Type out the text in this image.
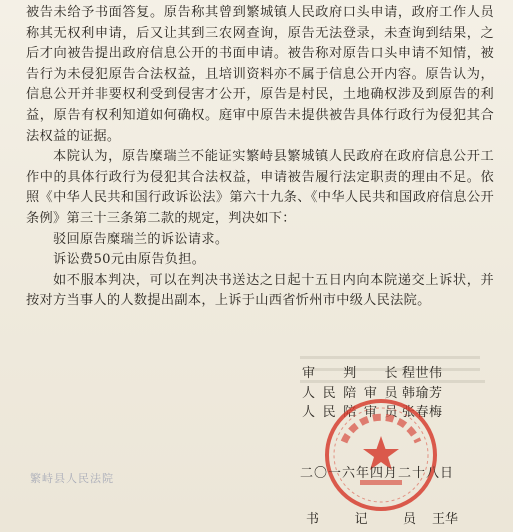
被告未给予书面答复。原告称其曾到繁城镇人民政府口头申请，政府工作人员称其无权利申请，后又让其到三农网查询，原告无法登录，未查询到结果，之后才向被告提出政府信息公开的书面申请。被告称对原告口头申请不知情，被告行为未侵犯原告合法权益，且培训资料亦不属于信息公开内容。原告认为，信息公开并非要权利受到侵害才公开，原告是村民，土地确权涉及到原告的利益，原告有权利知道如何确权。庭审中原告未提供被告具体行政行为侵犯其合法权益的证据。

本院认为，原告糜瑞兰不能证实繁峙县繁城镇人民政府在政府信息公开工作中的具体行政行为侵犯其合法权益，申请被告履行法定职责的理由不足。依照《中华人民共和国行政诉讼法》第六十九条、《中华人民共和国政府信息公开条例》第三十三条第二款的规定，判决如下：

驳回原告糜瑞兰的诉讼请求。

诉讼费50元由原告负担。

如不服本判决，可以在判决书送达之日起十五日内向本院递交上诉状，并按对方当事人的人数提出副本，上诉于山西省忻州市中级人民法院。

审判长 程世伟
人民陪审员 韩瑜芳
人民陪审员 张春梅
二〇一六年四月二十八日
书记员 王华
繁峙县人民法院
